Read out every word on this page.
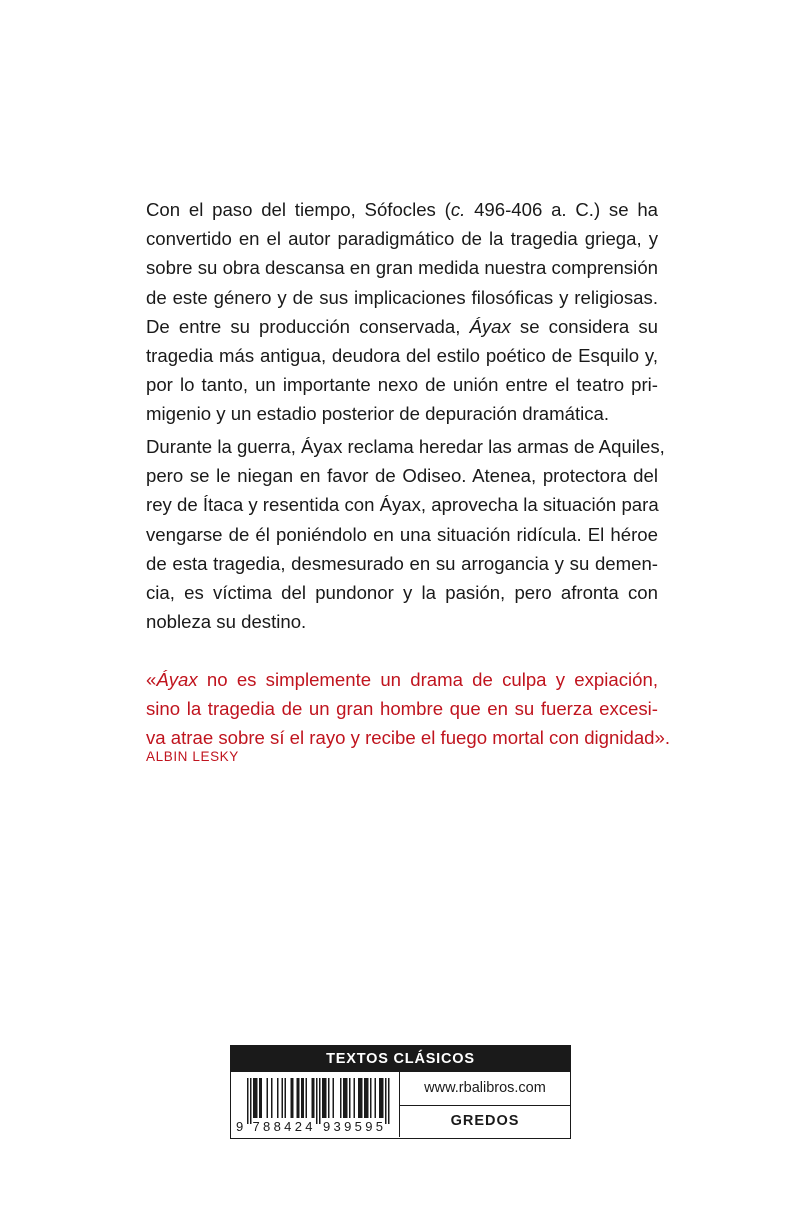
Con el paso del tiempo, Sófocles (c. 496-406 a. C.) se ha
convertido en el autor paradigmático de la tragedia griega, y
sobre su obra descansa en gran medida nuestra comprensión
de este género y de sus implicaciones filosóficas y religiosas.
De entre su producción conservada, Áyax se considera su
tragedia más antigua, deudora del estilo poético de Esquilo y,
por lo tanto, un importante nexo de unión entre el teatro pri-
migenio y un estadio posterior de depuración dramática.

Durante la guerra, Áyax reclama heredar las armas de Aquiles,
pero se le niegan en favor de Odiseo. Atenea, protectora del
rey de Ítaca y resentida con Áyax, aprovecha la situación para
vengarse de él poniéndolo en una situación ridícula. El héroe
de esta tragedia, desmesurado en su arrogancia y su demen-
cia, es víctima del pundonor y la pasión, pero afronta con
nobleza su destino.

«Áyax no es simplemente un drama de culpa y expiación,
sino la tragedia de un gran hombre que en su fuerza excesi-
va atrae sobre sí el rayo y recibe el fuego mortal con dignidad».

ALBIN LESKY
TEXTOS CLÁSICOS
9 788424 939595
www.rbalibros.com
GREDOS
